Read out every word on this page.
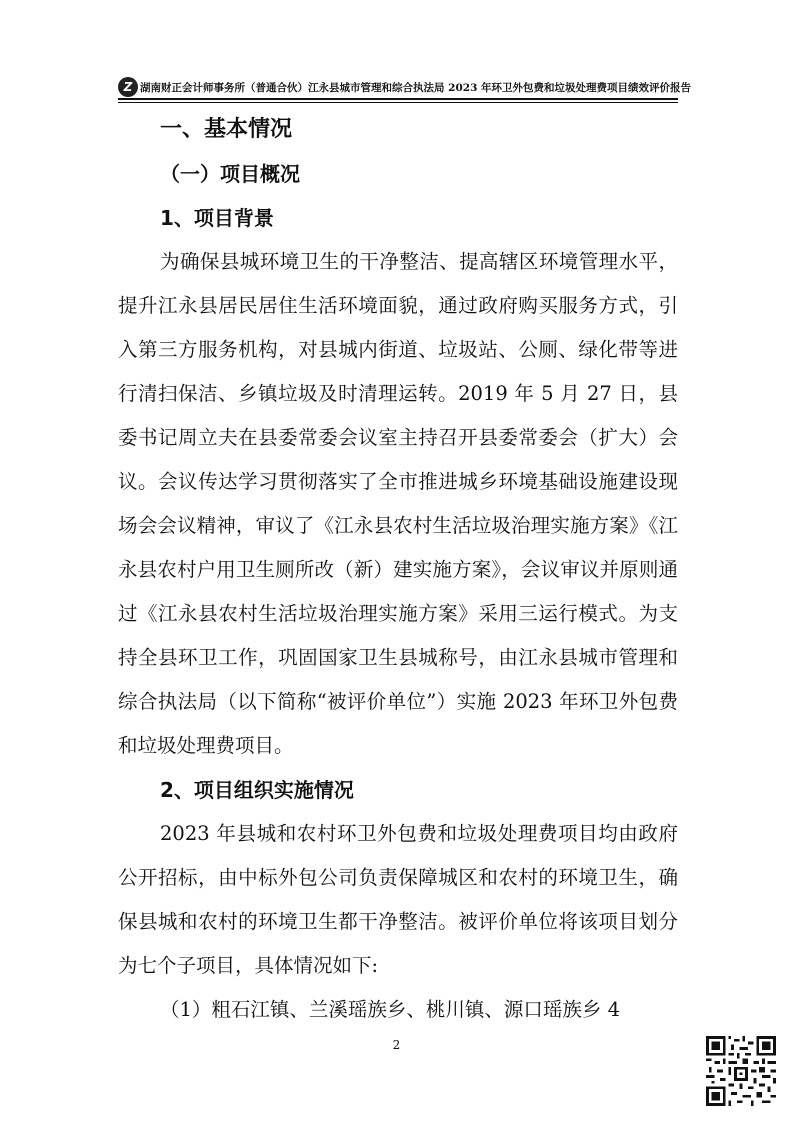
Z 湖南财正会计师事务所（普通合伙） 江永县城市管理和综合执法局 2023 年环卫外包费和垃圾处理费项目绩效评价报告

一、基本情况

（一）项目概况

1、项目背景

为确保县城环境卫生的干净整洁、提高辖区环境管理水平，提升江永县居民居住生活环境面貌，通过政府购买服务方式，引入第三方服务机构，对县城内街道、垃圾站、公厕、绿化带等进行清扫保洁、乡镇垃圾及时清理运转。2019 年 5 月 27 日，县委书记周立夫在县委常委会议室主持召开县委常委会（扩大）会议。会议传达学习贯彻落实了全市推进城乡环境基础设施建设现场会会议精神，审议了《江永县农村生活垃圾治理实施方案》《江永县农村户用卫生厕所改（新）建实施方案》，会议审议并原则通过《江永县农村生活垃圾治理实施方案》采用三运行模式。为支持全县环卫工作，巩固国家卫生县城称号，由江永县城市管理和综合执法局（以下简称“被评价单位”）实施 2023 年环卫外包费和垃圾处理费项目。

2、项目组织实施情况

2023 年县城和农村环卫外包费和垃圾处理费项目均由政府公开招标，由中标外包公司负责保障城区和农村的环境卫生，确保县城和农村的环境卫生都干净整洁。被评价单位将该项目划分为七个子项目，具体情况如下:

（1）粗石江镇、兰溪瑶族乡、桃川镇、源口瑶族乡 4

2
